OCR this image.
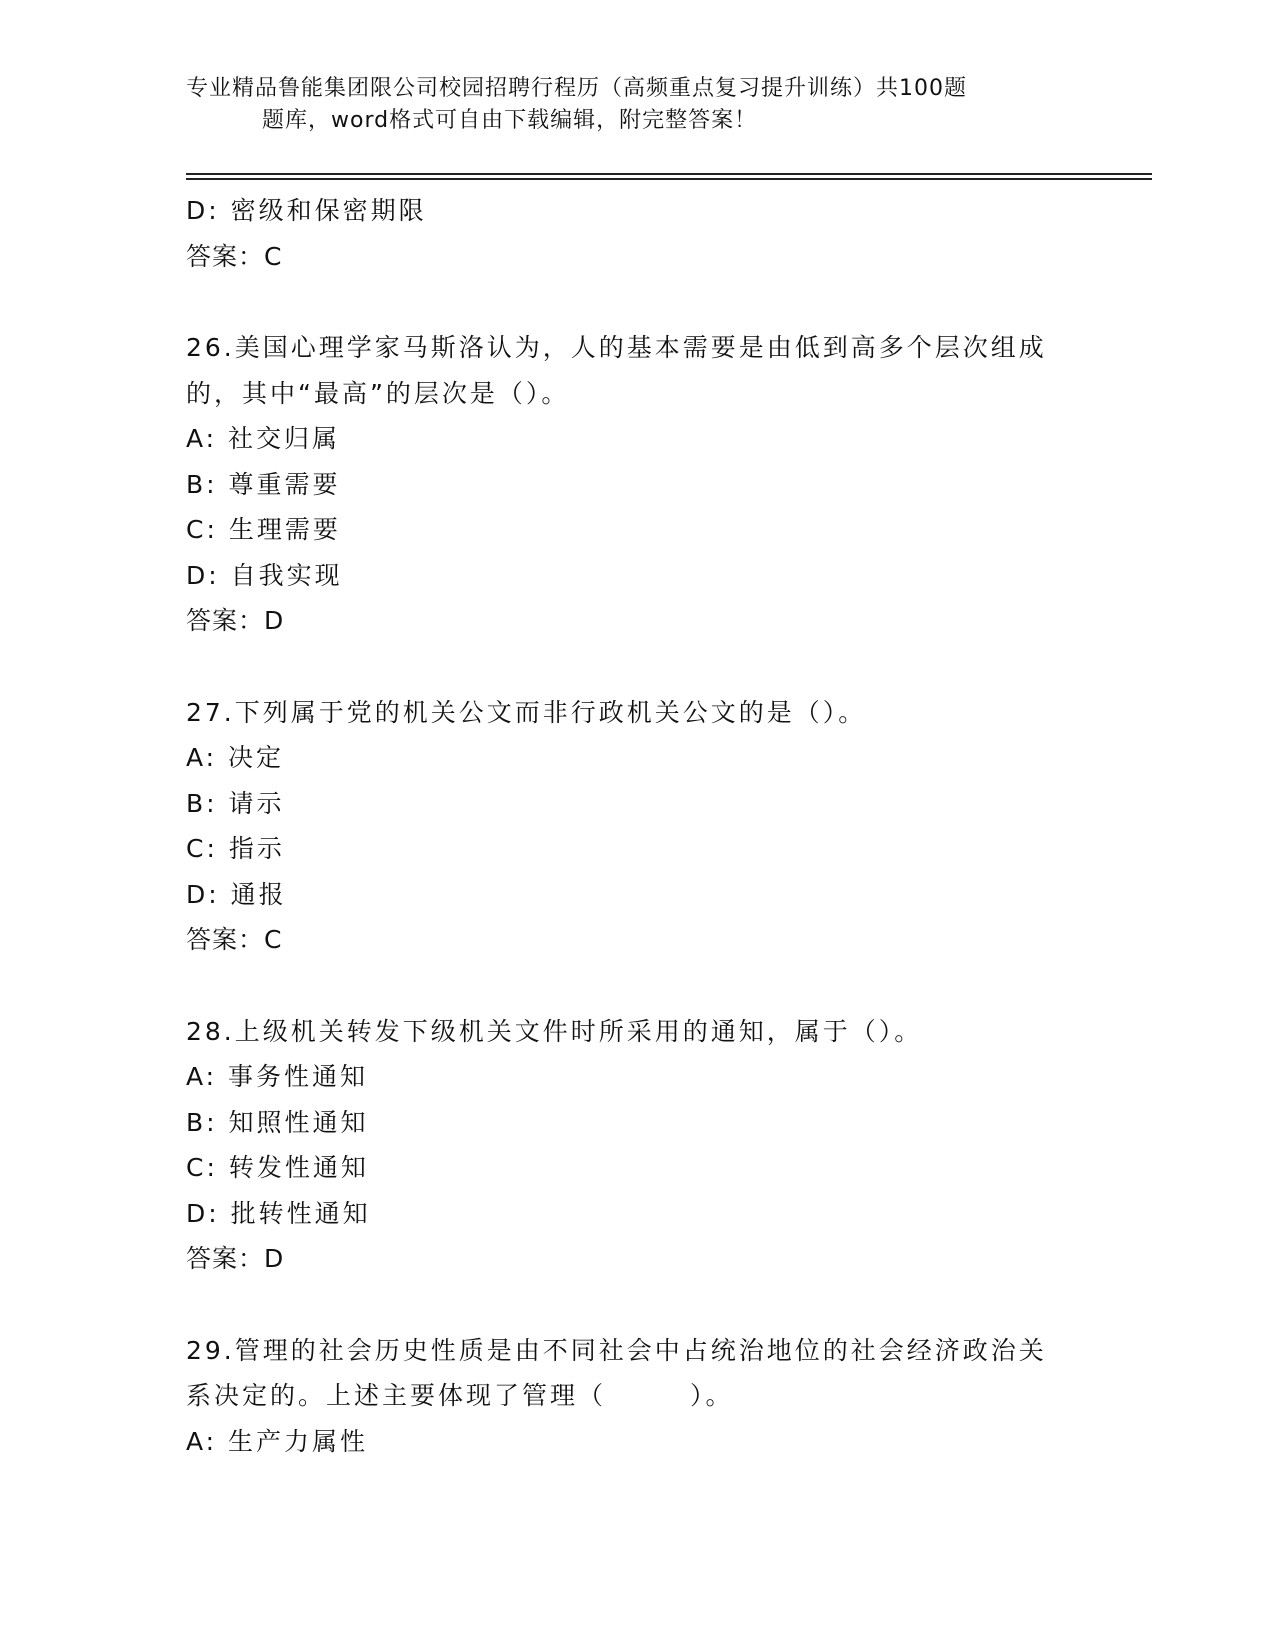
专业精品鲁能集团限公司校园招聘行程历（高频重点复习提升训练）共100题
题库，word格式可自由下载编辑，附完整答案！
D: 密级和保密期限
答案：C
26.美国心理学家马斯洛认为，人的基本需要是由低到高多个层次组成
的，其中“最高”的层次是（）。
A: 社交归属
B: 尊重需要
C: 生理需要
D: 自我实现
答案：D
27.下列属于党的机关公文而非行政机关公文的是（）。
A: 决定
B: 请示
C: 指示
D: 通报
答案：C
28.上级机关转发下级机关文件时所采用的通知，属于（）。
A: 事务性通知
B: 知照性通知
C: 转发性通知
D: 批转性通知
答案：D
29.管理的社会历史性质是由不同社会中占统治地位的社会经济政治关
系决定的。上述主要体现了管理（　　　）。
A: 生产力属性
